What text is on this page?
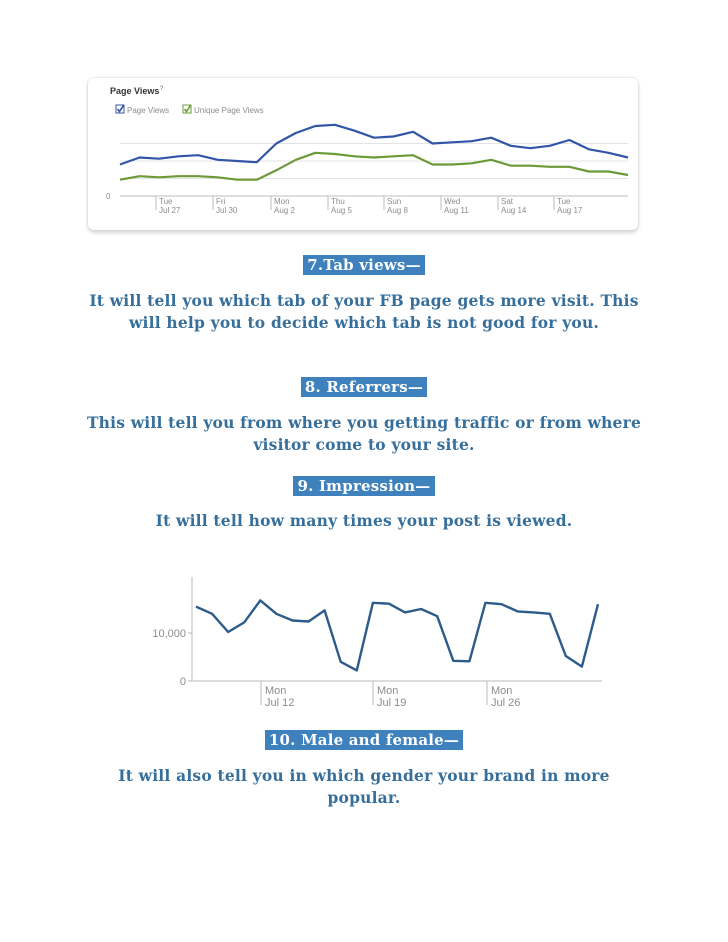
Page Views ?
Page Views	Unique Page Views
0
Tue
Jul 27
Fri
Jul 30
Mon
Aug 2
Thu
Aug 5
Sun
Aug 8
Wed
Aug 11
Sat
Aug 14
Tue
Aug 17
7.Tab views—
It will tell you which tab of your FB page gets more visit. This will help you to decide which tab is not good for you.
8. Referrers—
This will tell you from where you getting traffic or from where visitor come to your site.
9. Impression—
It will tell how many times your post is viewed.
10,000
0
Mon
Jul 12
Mon
Jul 19
Mon
Jul 26
10. Male and female—
It will also tell you in which gender your brand in more popular.
